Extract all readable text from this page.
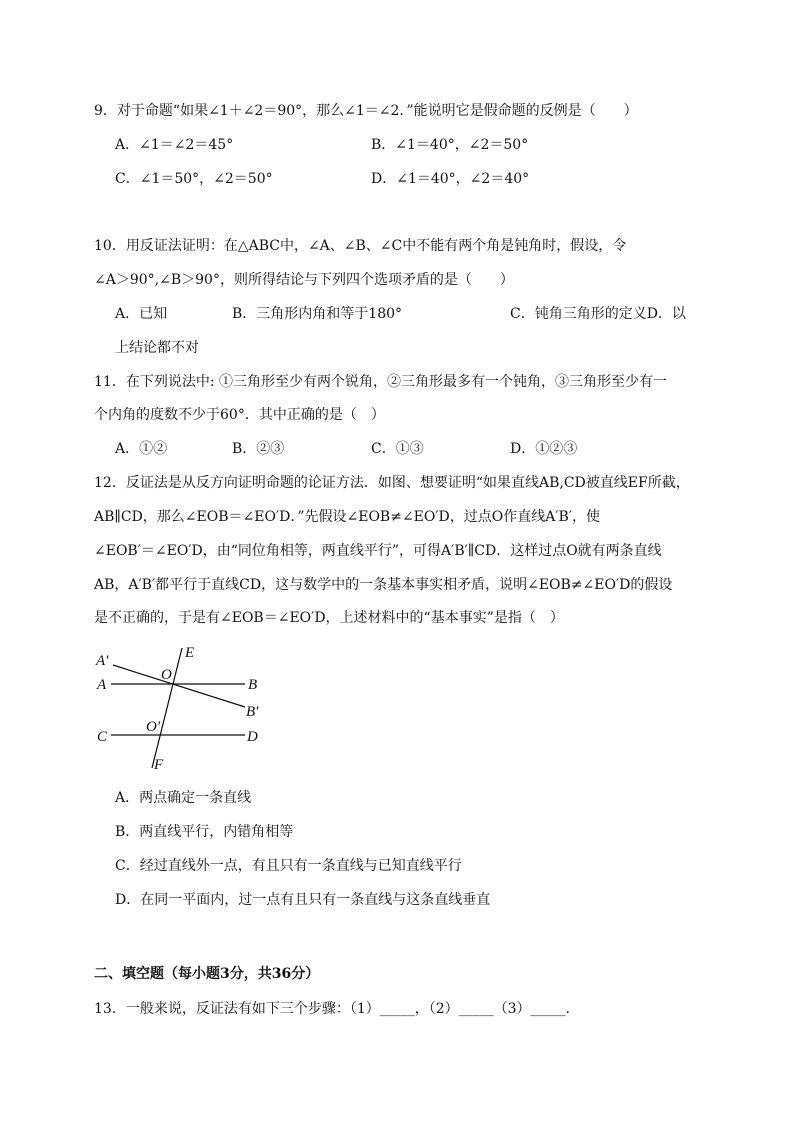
9．对于命题“如果∠1＋∠2＝90°，那么∠1＝∠2．”能说明它是假命题的反例是（　　）
A．∠1＝∠2＝45°	B．∠1＝40°，∠2＝50°
C．∠1＝50°，∠2＝50°	D．∠1＝40°，∠2＝40°
10．用反证法证明：在△ABC中，∠A、∠B、∠C中不能有两个角是钝角时，假设，令
∠A＞90°,∠B＞90°，则所得结论与下列四个选项矛盾的是（　　）
A．已知	B．三角形内角和等于180°	C．钝角三角形的定义D．以
上结论都不对
11．在下列说法中: ①三角形至少有两个锐角，②三角形最多有一个钝角，③三角形至少有一
个内角的度数不少于60°．其中正确的是（　）
A．①②	B．②③	C．①③	D．①②③
12．反证法是从反方向证明命题的论证方法．如图、想要证明“如果直线AB,CD被直线EF所截，
AB∥CD，那么∠EOB＝∠EO′D．”先假设∠EOB≠∠EO′D，过点O作直线A′B′，使
∠EOB′＝∠EO′D，由“同位角相等，两直线平行”，可得A′B′∥CD．这样过点O就有两条直线
AB，A′B′都平行于直线CD，这与数学中的一条基本事实相矛盾，说明∠EOB≠∠EO′D的假设
是不正确的，于是有∠EOB＝∠EO′D，上述材料中的“基本事实”是指（　）
A′	E
A
O
B
B′
O′
C	D
F
A．两点确定一条直线
B．两直线平行，内错角相等
C．经过直线外一点，有且只有一条直线与已知直线平行
D．在同一平面内，过一点有且只有一条直线与这条直线垂直
二、填空题（每小题3分，共36分）
13．一般来说，反证法有如下三个步骤：（1）_____，（2）_____（3）_____．
